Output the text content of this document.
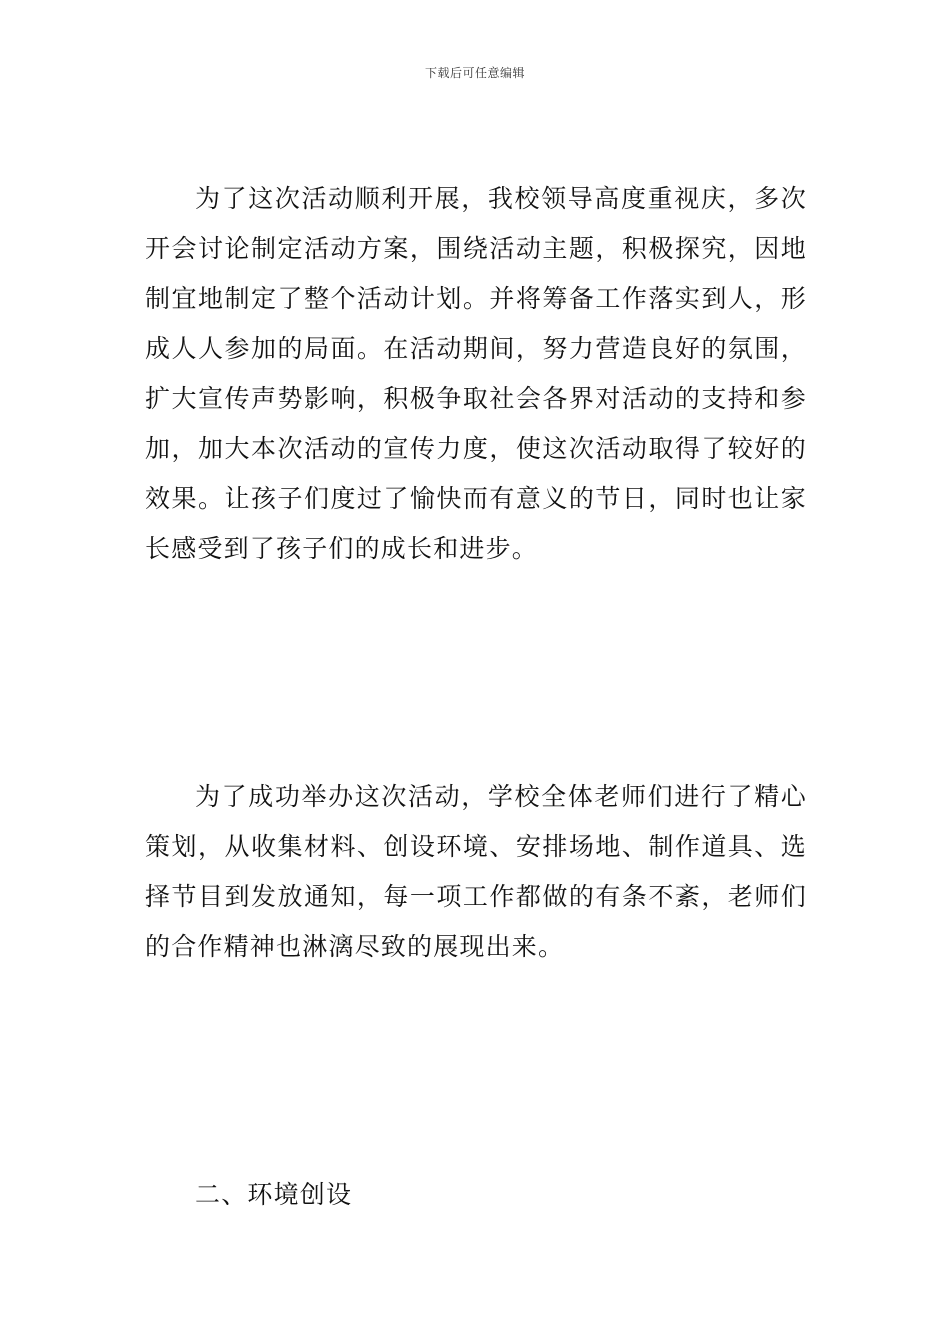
下载后可任意编辑

为了这次活动顺利开展，我校领导高度重视庆，多次开会讨论制定活动方案，围绕活动主题，积极探究，因地制宜地制定了整个活动计划。并将筹备工作落实到人，形成人人参加的局面。在活动期间，努力营造良好的氛围，扩大宣传声势影响，积极争取社会各界对活动的支持和参加，加大本次活动的宣传力度，使这次活动取得了较好的效果。让孩子们度过了愉快而有意义的节日，同时也让家长感受到了孩子们的成长和进步。

为了成功举办这次活动，学校全体老师们进行了精心策划，从收集材料、创设环境、安排场地、制作道具、选择节目到发放通知，每一项工作都做的有条不紊，老师们的合作精神也淋漓尽致的展现出来。

二、环境创设
